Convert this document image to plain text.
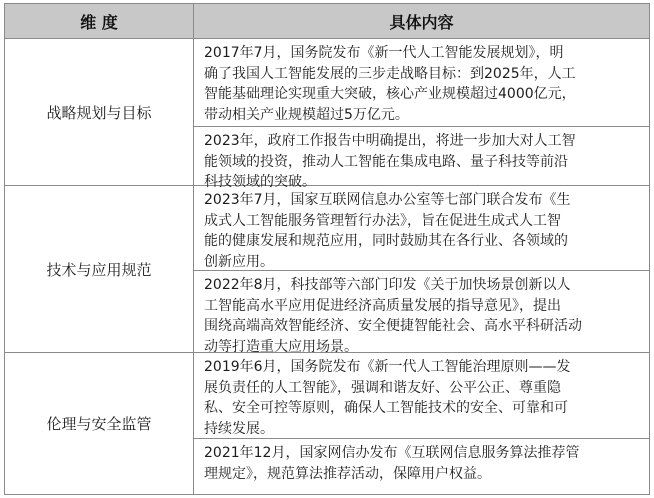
维 度	具体内容
战略规划与目标
2017年7月，国务院发布《新一代人工智能发展规划》，明
确了我国人工智能发展的三步走战略目标：到2025年，人工
智能基础理论实现重大突破，核心产业规模超过4000亿元，
带动相关产业规模超过5万亿元。
2023年，政府工作报告中明确提出，将进一步加大对人工智
能领域的投资，推动人工智能在集成电路、量子科技等前沿
科技领域的突破。
技术与应用规范
2023年7月，国家互联网信息办公室等七部门联合发布《生
成式人工智能服务管理暂行办法》，旨在促进生成式人工智
能的健康发展和规范应用，同时鼓励其在各行业、各领域的
创新应用。
2022年8月，科技部等六部门印发《关于加快场景创新以人
工智能高水平应用促进经济高质量发展的指导意见》，提出
围绕高端高效智能经济、安全便捷智能社会、高水平科研活动
动等打造重大应用场景。
伦理与安全监管
2019年6月，国务院发布《新一代人工智能治理原则——发
展负责任的人工智能》，强调和谐友好、公平公正、尊重隐
私、安全可控等原则，确保人工智能技术的安全、可靠和可
持续发展。
2021年12月，国家网信办发布《互联网信息服务算法推荐管
理规定》，规范算法推荐活动，保障用户权益。
